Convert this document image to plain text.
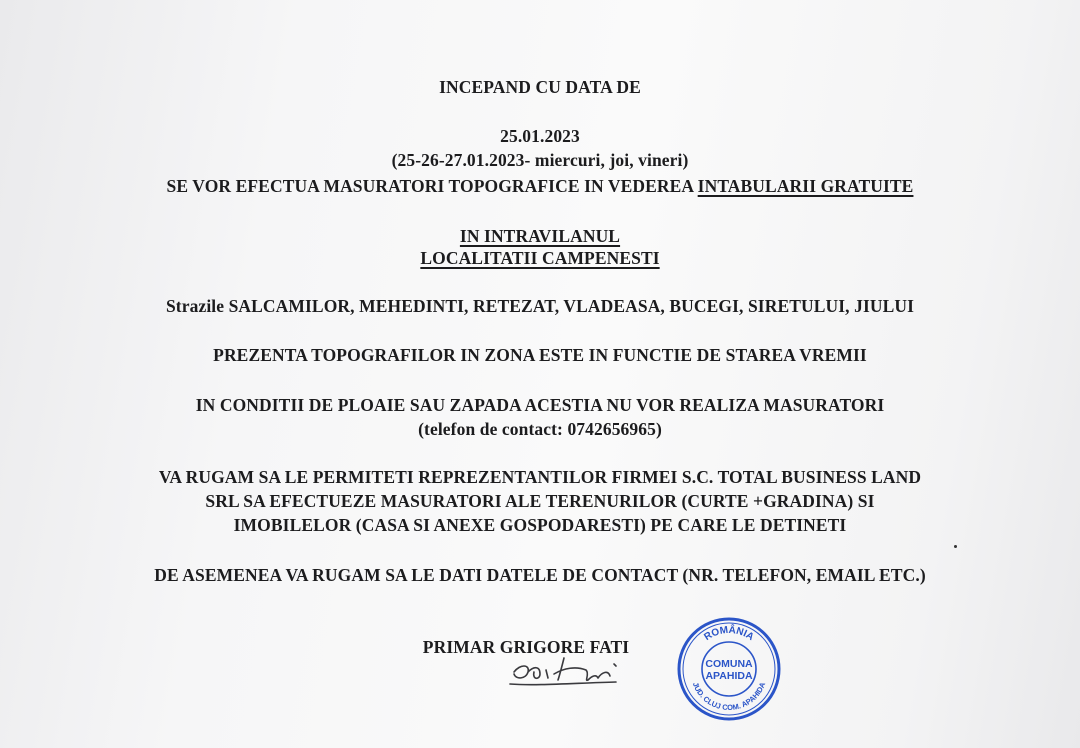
INCEPAND CU DATA DE
25.01.2023
(25-26-27.01.2023- miercuri, joi, vineri)
SE VOR EFECTUA MASURATORI TOPOGRAFICE IN VEDEREA INTABULARII GRATUITE
IN INTRAVILANUL
LOCALITATII CAMPENESTI
Strazile SALCAMILOR, MEHEDINTI, RETEZAT, VLADEASA, BUCEGI, SIRETULUI, JIULUI
PREZENTA TOPOGRAFILOR IN ZONA ESTE IN FUNCTIE DE STAREA VREMII
IN CONDITII DE PLOAIE SAU ZAPADA ACESTIA NU VOR REALIZA MASURATORI
(telefon de contact: 0742656965)
VA RUGAM SA LE PERMITETI REPREZENTANTILOR FIRMEI S.C. TOTAL BUSINESS LAND
SRL SA EFECTUEZE MASURATORI ALE TERENURILOR (CURTE +GRADINA) SI
IMOBILELOR (CASA SI ANEXE GOSPODARESTI) PE CARE LE DETINETI
DE ASEMENEA VA RUGAM SA LE DATI DATELE DE CONTACT (NR. TELEFON, EMAIL ETC.)
PRIMAR GRIGORE FATI
ROMÂNIA
COMUNA
APAHIDA
JUD. CLUJ COM. APAHIDA
